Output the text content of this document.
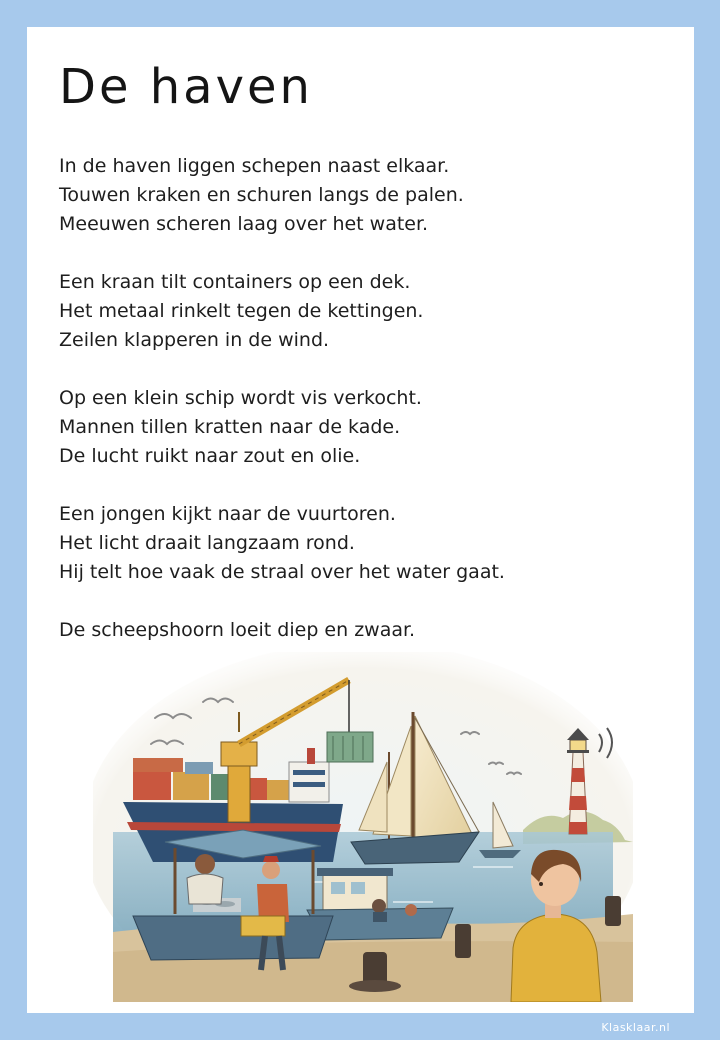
De haven
In de haven liggen schepen naast elkaar.
Touwen kraken en schuren langs de palen.
Meeuwen scheren laag over het water.
Een kraan tilt containers op een dek.
Het metaal rinkelt tegen de kettingen.
Zeilen klapperen in de wind.
Op een klein schip wordt vis verkocht.
Mannen tillen kratten naar de kade.
De lucht ruikt naar zout en olie.
Een jongen kijkt naar de vuurtoren.
Het licht draait langzaam rond.
Hij telt hoe vaak de straal over het water gaat.
De scheepshoorn loeit diep en zwaar.
Klasklaar.nl
